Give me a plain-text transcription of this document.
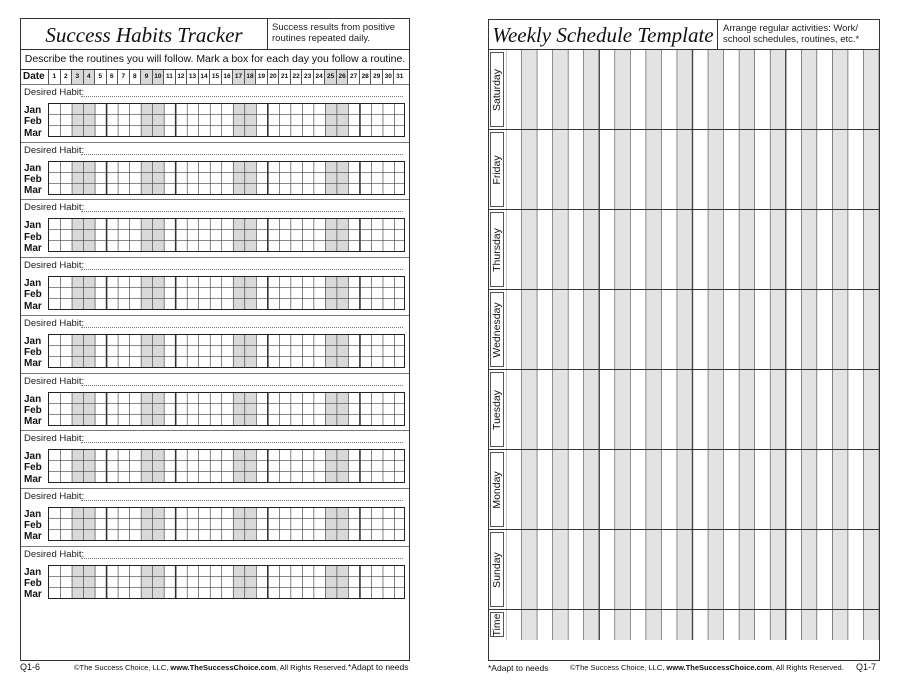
Success Habits Tracker	Success results from positive routines repeated daily.
Describe the routines you will follow. Mark a box for each day you follow a routine.
Date	1	2	3	4	5	6	7	8	9 10 11 12 13 14 15 16 17 18 19 20 21 22 23 24 25 26 27 28 29 30 31
Desired Habit:
Jan
Feb
Mar
Desired Habit:
Jan
Feb
Mar
Desired Habit:
Jan
Feb
Mar
Desired Habit:
Jan
Feb
Mar
Desired Habit:
Jan
Feb
Mar
Desired Habit:
Jan
Feb
Mar
Desired Habit:
Jan
Feb
Mar
Desired Habit:
Jan
Feb
Mar
Desired Habit:
Jan
Feb
Mar
Q1-6	©The Success Choice, LLC, www.TheSuccessChoice.com, All Rights Reserved. *Adapt to needs
Weekly Schedule Template Arrange regular activities: Work/ school schedules, routines, etc.*
Saturday
Friday
Thursday
Wednesday
Tuesday
Monday
Sunday
Time
*Adapt to needs	©The Success Choice, LLC, www.TheSuccessChoice.com, All Rights Reserved. Q1-7
